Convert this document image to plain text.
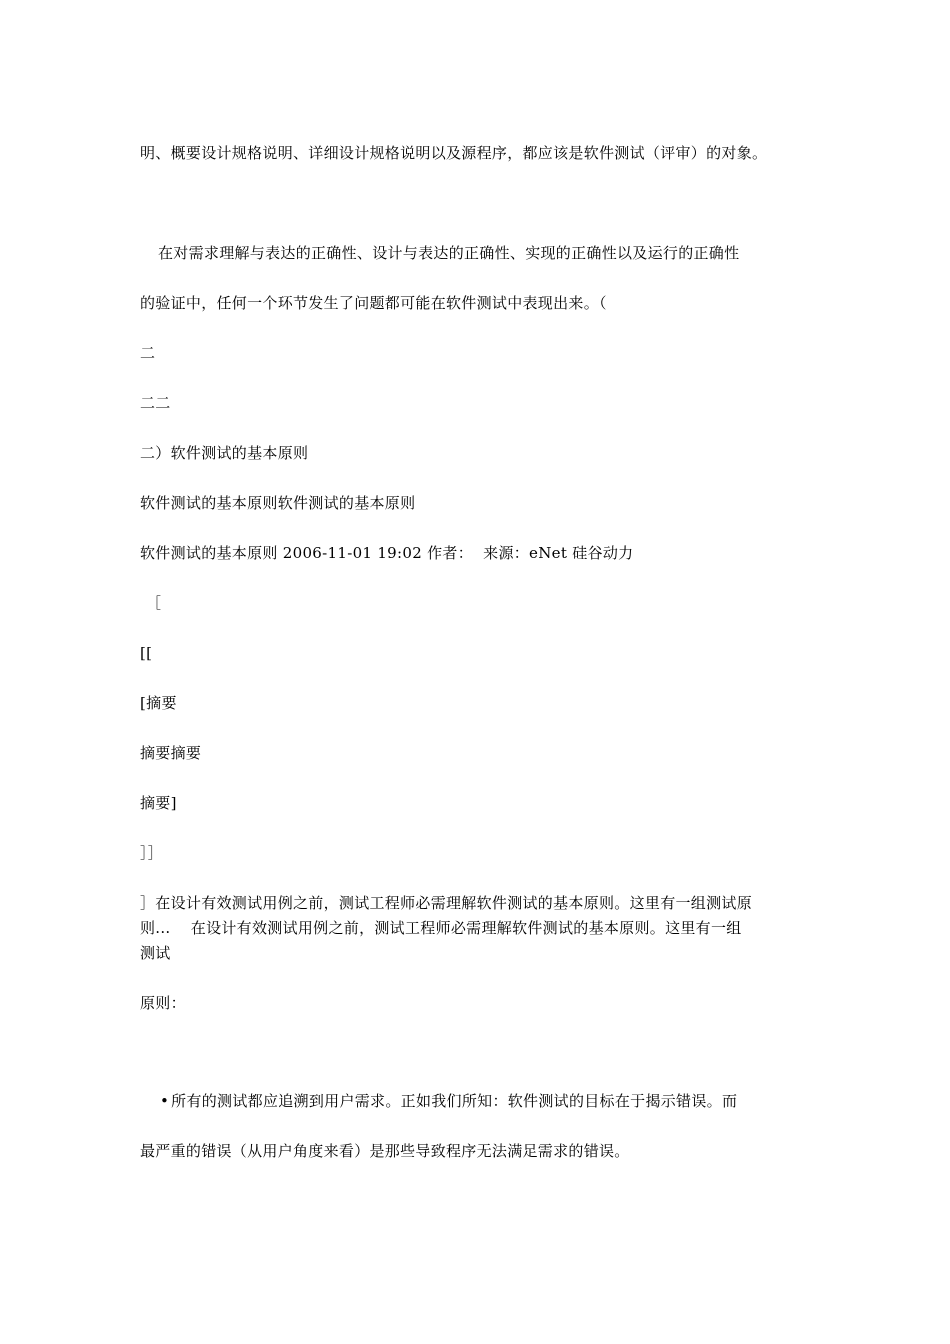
明、概要设计规格说明、详细设计规格说明以及源程序，都应该是软件测试（评审）的对象。
在对需求理解与表达的正确性、设计与表达的正确性、实现的正确性以及运行的正确性
的验证中，任何一个环节发生了问题都可能在软件测试中表现出来。（
二
二二
二）软件测试的基本原则
软件测试的基本原则软件测试的基本原则
软件测试的基本原则 2006-11-01 19:02 作者：  来源：eNet 硅谷动力
［
[[
[摘要
摘要摘要
摘要]
］］
］在设计有效测试用例之前，测试工程师必需理解软件测试的基本原则。这里有一组测试原
则...    在设计有效测试用例之前，测试工程师必需理解软件测试的基本原则。这里有一组
测试
原则：
• 所有的测试都应追溯到用户需求。正如我们所知：软件测试的目标在于揭示错误。而
最严重的错误（从用户角度来看）是那些导致程序无法满足需求的错误。
